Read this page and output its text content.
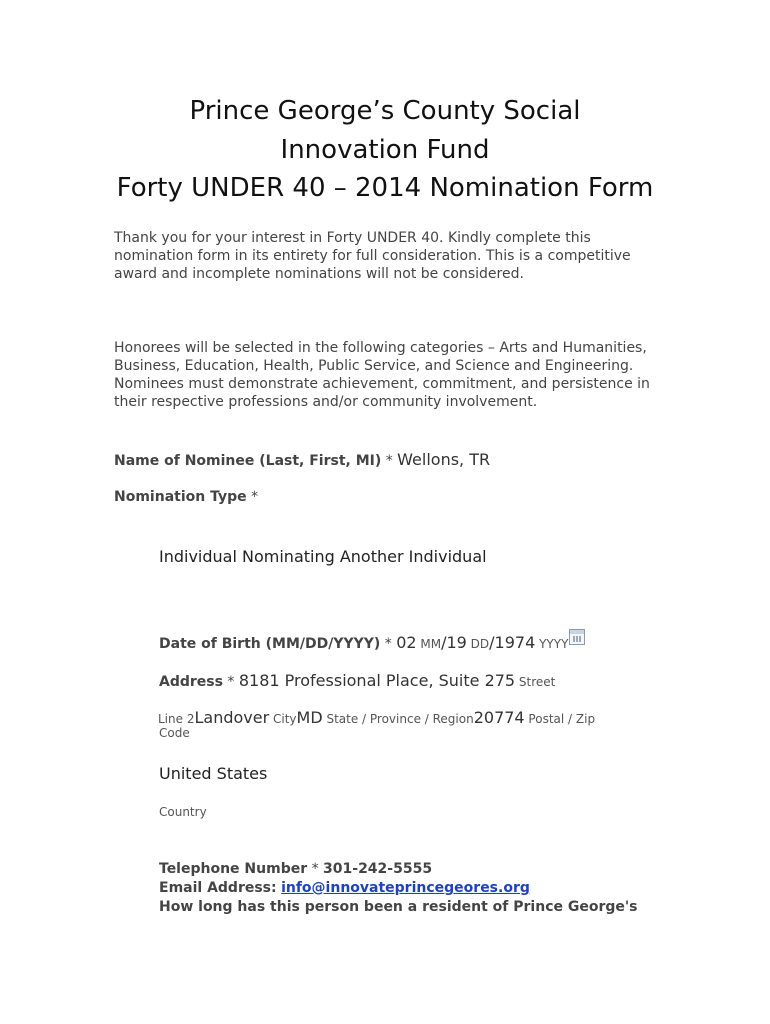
Prince George’s County Social
Innovation Fund
Forty UNDER 40 – 2014 Nomination Form

Thank you for your interest in Forty UNDER 40. Kindly complete this nomination form in its entirety for full consideration. This is a competitive award and incomplete nominations will not be considered.

Honorees will be selected in the following categories – Arts and Humanities, Business, Education, Health, Public Service, and Science and Engineering. Nominees must demonstrate achievement, commitment, and persistence in their respective professions and/or community involvement.

Name of Nominee (Last, First, MI) * Wellons, TR
Nomination Type *
Individual Nominating Another Individual
Date of Birth (MM/DD/YYYY) * 02 MM/19 DD/1974 YYYY
Address * 8181 Professional Place, Suite 275 Street
Line 2Landover CityMD State / Province / Region20774 Postal / Zip
Code
United States
Country
Telephone Number * 301-242-5555
Email Address: info@innovateprincegeores.org
How long has this person been a resident of Prince George's
